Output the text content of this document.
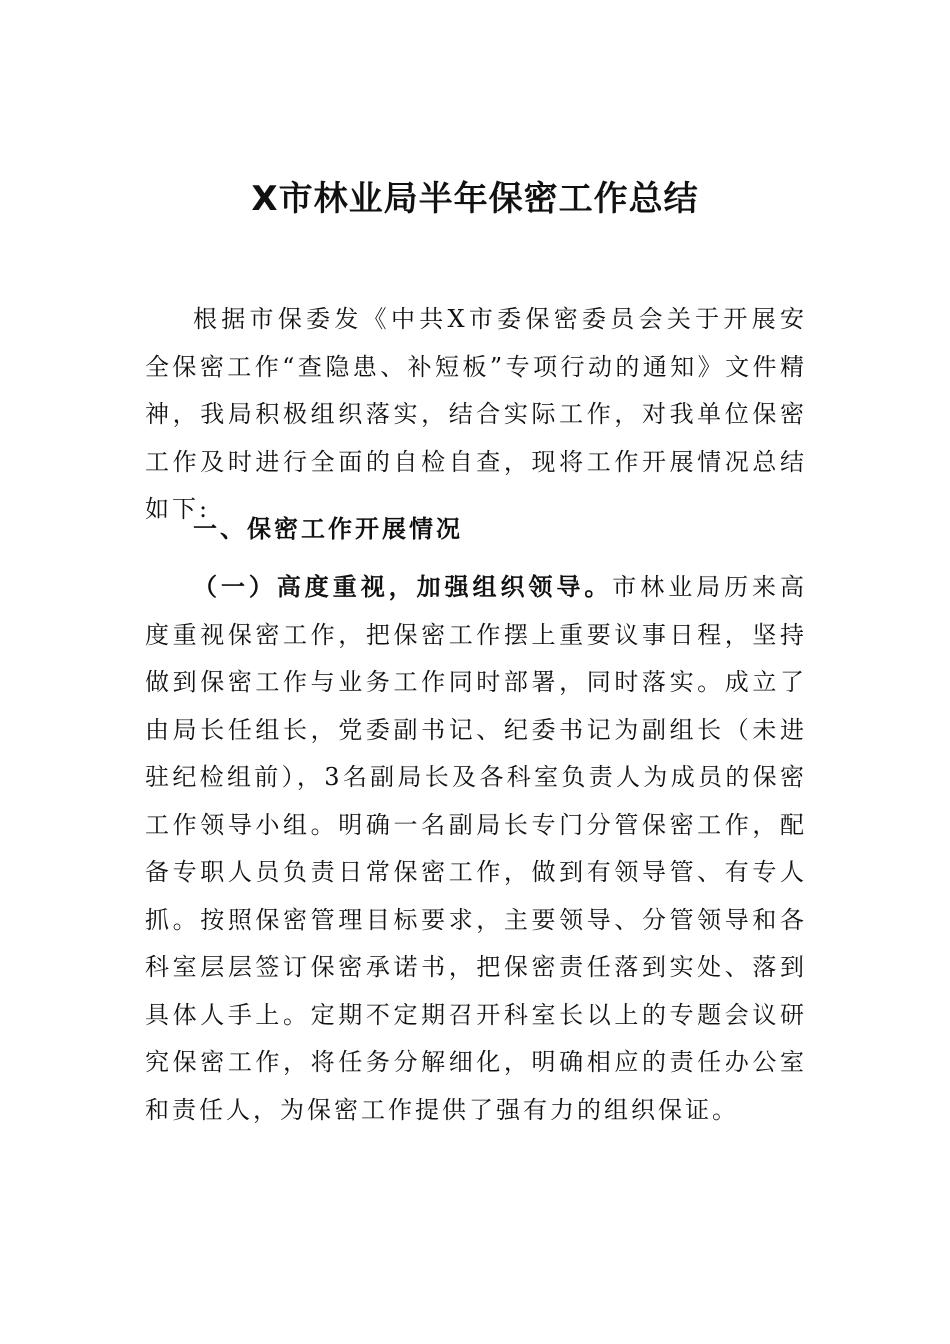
X市林业局半年保密工作总结

根据市保委发《中共X市委保密委员会关于开展安全保密工作“查隐患、补短板”专项行动的通知》文件精神，我局积极组织落实，结合实际工作，对我单位保密工作及时进行全面的自检自查，现将工作开展情况总结如下:

一、保密工作开展情况

（一）高度重视，加强组织领导。市林业局历来高度重视保密工作，把保密工作摆上重要议事日程，坚持做到保密工作与业务工作同时部署，同时落实。成立了由局长任组长，党委副书记、纪委书记为副组长（未进驻纪检组前），3名副局长及各科室负责人为成员的保密工作领导小组。明确一名副局长专门分管保密工作，配备专职人员负责日常保密工作，做到有领导管、有专人抓。按照保密管理目标要求，主要领导、分管领导和各科室层层签订保密承诺书，把保密责任落到实处、落到具体人手上。定期不定期召开科室长以上的专题会议研究保密工作，将任务分解细化，明确相应的责任办公室和责任人，为保密工作提供了强有力的组织保证。
